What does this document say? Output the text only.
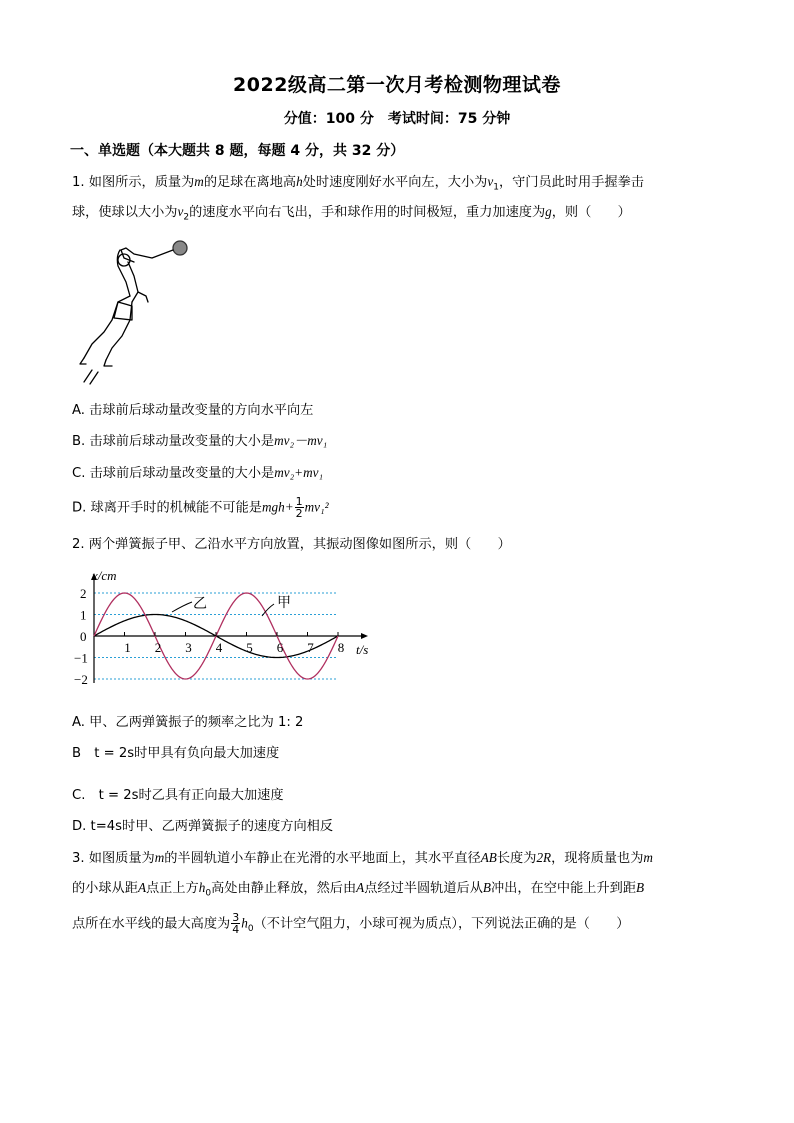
2022级高二第一次月考检测物理试卷
分值：100 分　考试时间：75 分钟
一、单选题（本大题共 8 题，每题 4 分，共 32 分）
1. 如图所示，质量为m的足球在离地高h处时速度刚好水平向左，大小为$v_1$，守门员此时用手握拳击
球，使球以大小为$v_2$的速度水平向右飞出，手和球作用的时间极短，重力加速度为g，则（　　）
A. 击球前后球动量改变量的方向水平向左
B. 击球前后球动量改变量的大小是mv₂－mv₁
C. 击球前后球动量改变量的大小是mv₂+mv₁
D. 球离开手时的机械能不可能是$mgh+ \frac{1}{2} mv_1^2$
2. 两个弹簧振子甲、乙沿水平方向放置，其振动图像如图所示，则（　　）
1 2 3 4 5 6 7 8
2
1
0
−1
−2
x/cm
t/s
乙	甲
A. 甲、乙两弹簧振子的频率之比为 1: 2
B　t = 2s时甲具有负向最大加速度
C.　t = 2s时乙具有正向最大加速度
D. t=4s时甲、乙两弹簧振子的速度方向相反
3. 如图质量为m的半圆轨道小车静止在光滑的水平地面上，其水平直径AB长度为2R，现将质量也为m
的小球从距A点正上方$h_0$高处由静止释放，然后由A点经过半圆轨道后从B冲出，在空中能上升到距B
点所在水平线的最大高度为 $\frac{3}{4} h_0$（不计空气阻力，小球可视为质点），下列说法正确的是（　　）
